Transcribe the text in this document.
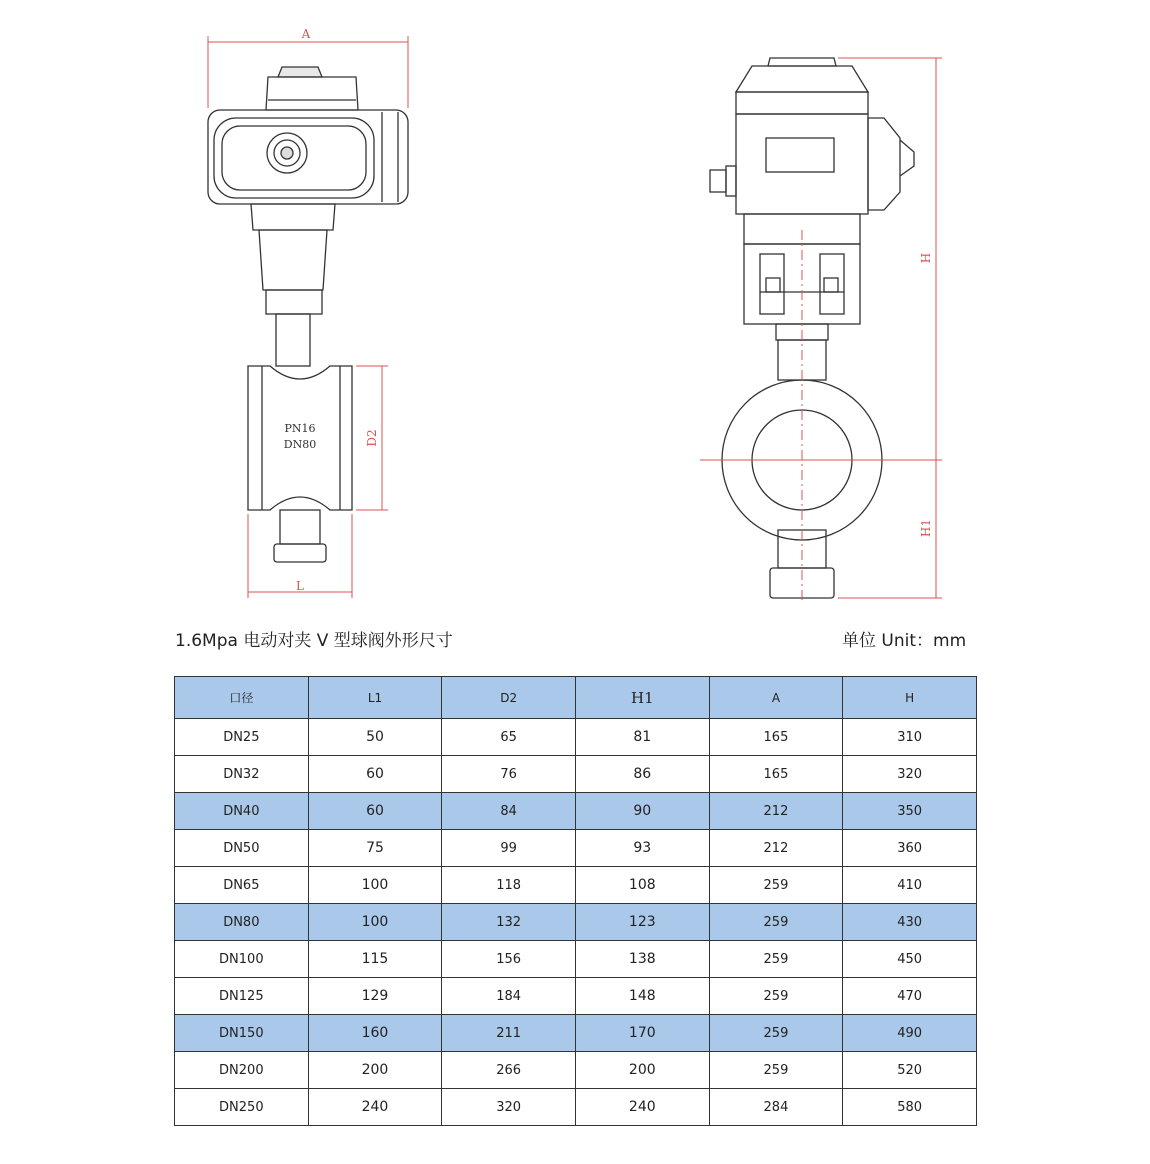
A
L
D2
H
H1
PN16
DN80
1.6Mpa 电动对夹 V 型球阀外形尺寸	单位 Unit：mm
口径	L1	D2	H1	A	H
DN25	50	65	81	165	310
DN32	60	76	86	165	320
DN40	60	84	90	212	350
DN50	75	99	93	212	360
DN65	100	118	108	259	410
DN80	100	132	123	259	430
DN100	115	156	138	259	450
DN125	129	184	148	259	470
DN150	160	211	170	259	490
DN200	200	266	200	259	520
DN250	240	320	240	284	580
